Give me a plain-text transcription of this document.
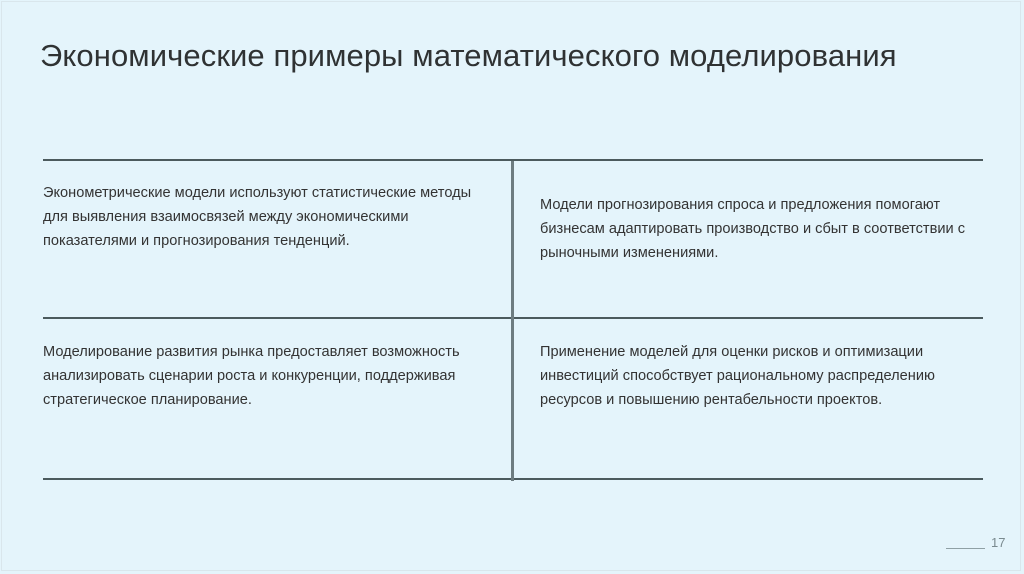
Экономические примеры математического моделирования
Эконометрические модели используют статистические методы для выявления взаимосвязей между экономическими показателями и прогнозирования тенденций.
Модели прогнозирования спроса и предложения помогают бизнесам адаптировать производство и сбыт в соответствии с рыночными изменениями.
Моделирование развития рынка предоставляет возможность анализировать сценарии роста и конкуренции, поддерживая стратегическое планирование.
Применение моделей для оценки рисков и оптимизации инвестиций способствует рациональному распределению ресурсов и повышению рентабельности проектов.
17
